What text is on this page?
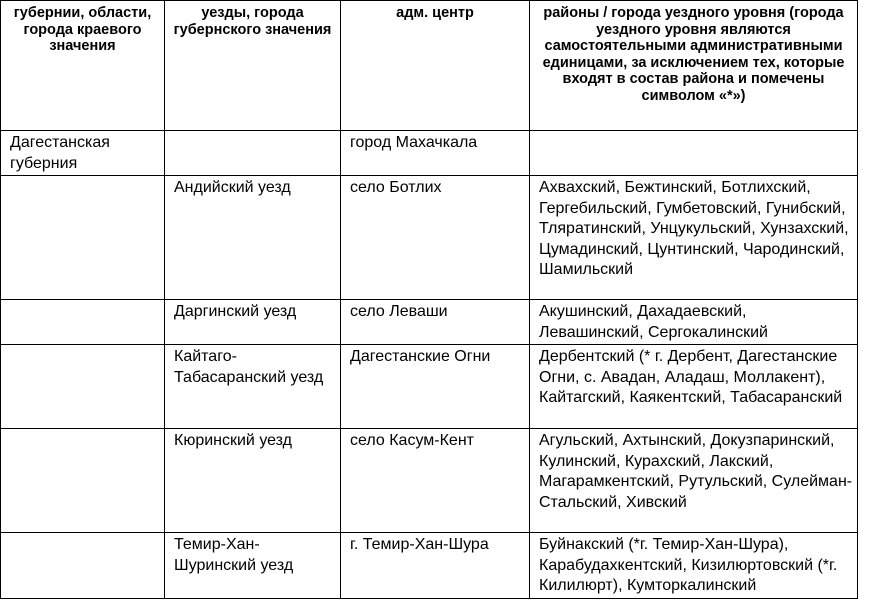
губернии, области, города краевого значения	уезды, города губернского значения	адм. центр	районы / города уездного уровня (города уездного уровня являются самостоятельными административными единицами, за исключением тех, которые входят в состав района и помечены символом «*»)
Дагестанская губерния		город Махачкала	
	Андийский уезд	село Ботлих	Ахвахский, Бежтинский, Ботлихский, Гергебильский, Гумбетовский, Гунибский, Тляратинский, Унцукульский, Хунзахский, Цумадинский, Цунтинский, Чародинский, Шамильский
	Даргинский уезд	село Леваши	Акушинский, Дахадаевский, Левашинский, Сергокалинский
	Кайтаго-Табасаранский уезд	Дагестанские Огни	Дербентский (* г. Дербент, Дагестанские Огни, с. Авадан, Аладаш, Моллакент), Кайтагский, Каякентский, Табасаранский
	Кюринский уезд	село Касум-Кент	Агульский, Ахтынский, Докузпаринский, Кулинский, Курахский, Лакский, Магарамкентский, Рутульский, Сулейман-Стальский, Хивский
	Темир-Хан-Шуринский уезд	г. Темир-Хан-Шура	Буйнакский (*г. Темир-Хан-Шура), Карабудахкентский, Кизилюртовский (*г. Килилюрт), Кумторкалинский
